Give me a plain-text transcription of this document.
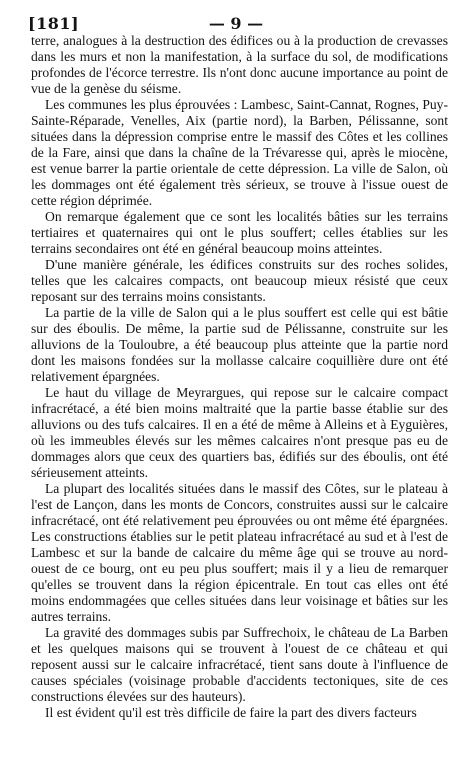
[181]	— 9 —

terre, analogues à la destruction des édifices ou à la production de crevasses dans les murs et non la manifestation, à la surface du sol, de modifications profondes de l'écorce terrestre. Ils n'ont donc aucune importance au point de vue de la genèse du séisme.

Les communes les plus éprouvées : Lambesc, Saint-Cannat, Rognes, Puy-Sainte-Réparade, Venelles, Aix (partie nord), la Barben, Pélissanne, sont situées dans la dépression comprise entre le massif des Côtes et les collines de la Fare, ainsi que dans la chaîne de la Trévaresse qui, après le miocène, est venue barrer la partie orientale de cette dépression. La ville de Salon, où les dommages ont été également très sérieux, se trouve à l'issue ouest de cette région déprimée.

On remarque également que ce sont les localités bâties sur les terrains tertiaires et quaternaires qui ont le plus souffert; celles établies sur les terrains secondaires ont été en général beaucoup moins atteintes.

D'une manière générale, les édifices construits sur des roches solides, telles que les calcaires compacts, ont beaucoup mieux résisté que ceux reposant sur des terrains moins consistants.

La partie de la ville de Salon qui a le plus souffert est celle qui est bâtie sur des éboulis. De même, la partie sud de Pélissanne, construite sur les alluvions de la Touloubre, a été beaucoup plus atteinte que la partie nord dont les maisons fondées sur la mollasse calcaire coquillière dure ont été relativement épargnées.

Le haut du village de Meyrargues, qui repose sur le calcaire compact infracrétacé, a été bien moins maltraité que la partie basse établie sur des alluvions ou des tufs calcaires. Il en a été de même à Alleins et à Eyguières, où les immeubles élevés sur les mêmes calcaires n'ont presque pas eu de dommages alors que ceux des quartiers bas, édifiés sur des éboulis, ont été sérieusement atteints.

La plupart des localités situées dans le massif des Côtes, sur le plateau à l'est de Lançon, dans les monts de Concors, construites aussi sur le calcaire infracrétacé, ont été relativement peu éprouvées ou ont même été épargnées. Les constructions établies sur le petit plateau infracrétacé au sud et à l'est de Lambesc et sur la bande de calcaire du même âge qui se trouve au nord-ouest de ce bourg, ont eu peu plus souffert; mais il y a lieu de remarquer qu'elles se trouvent dans la région épicentrale. En tout cas elles ont été moins endommagées que celles situées dans leur voisinage et bâties sur les autres terrains.

La gravité des dommages subis par Suffrechoix, le château de La Barben et les quelques maisons qui se trouvent à l'ouest de ce château et qui reposent aussi sur le calcaire infracrétacé, tient sans doute à l'influence de causes spéciales (voisinage probable d'accidents tectoniques, site de ces constructions élevées sur des hauteurs).

Il est évident qu'il est très difficile de faire la part des divers facteurs
